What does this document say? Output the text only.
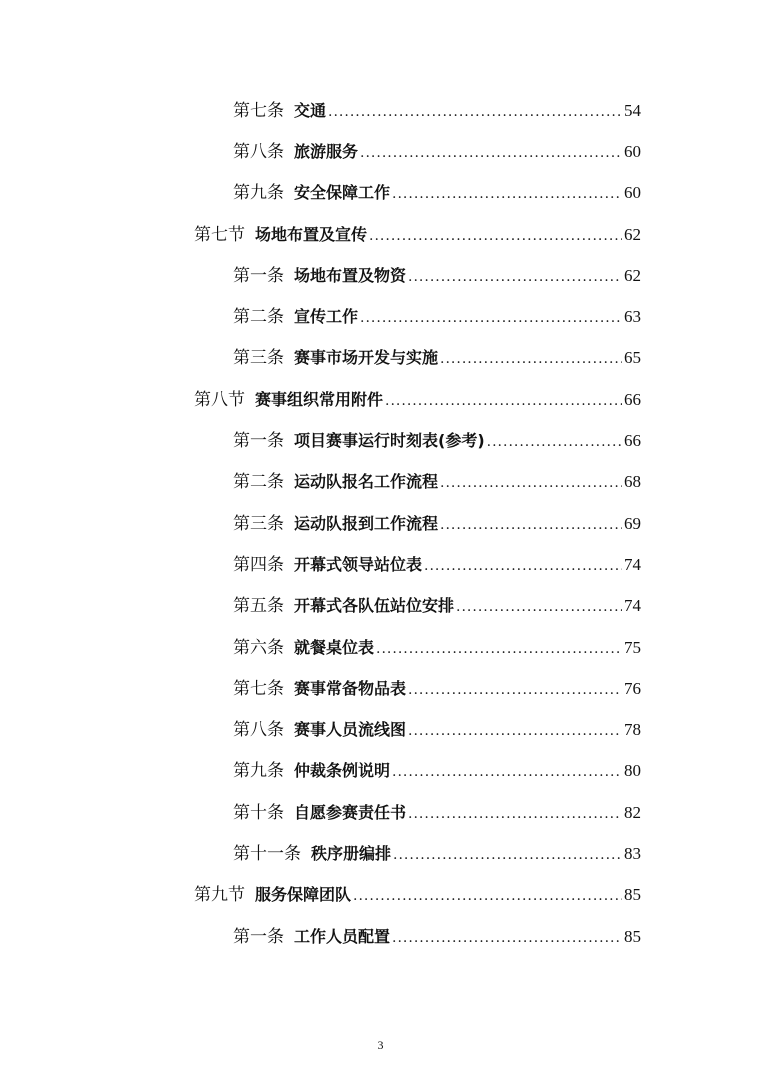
第七条 交通 .....	54
第八条 旅游服务 .....	60
第九条 安全保障工作 .....	60
第七节 场地布置及宣传 .....	62
第一条 场地布置及物资 .....	62
第二条 宣传工作 .....	63
第三条 赛事市场开发与实施 .....	65
第八节 赛事组织常用附件 .....	66
第一条 项目赛事运行时刻表(参考) .....	66
第二条 运动队报名工作流程 .....	68
第三条 运动队报到工作流程 .....	69
第四条 开幕式领导站位表 .....	74
第五条 开幕式各队伍站位安排 .....	74
第六条 就餐桌位表 .....	75
第七条 赛事常备物品表 .....	76
第八条 赛事人员流线图 .....	78
第九条 仲裁条例说明 .....	80
第十条 自愿参赛责任书 .....	82
第十一条 秩序册编排 .....	83
第九节 服务保障团队 .....	85
第一条 工作人员配置 .....	85
3
